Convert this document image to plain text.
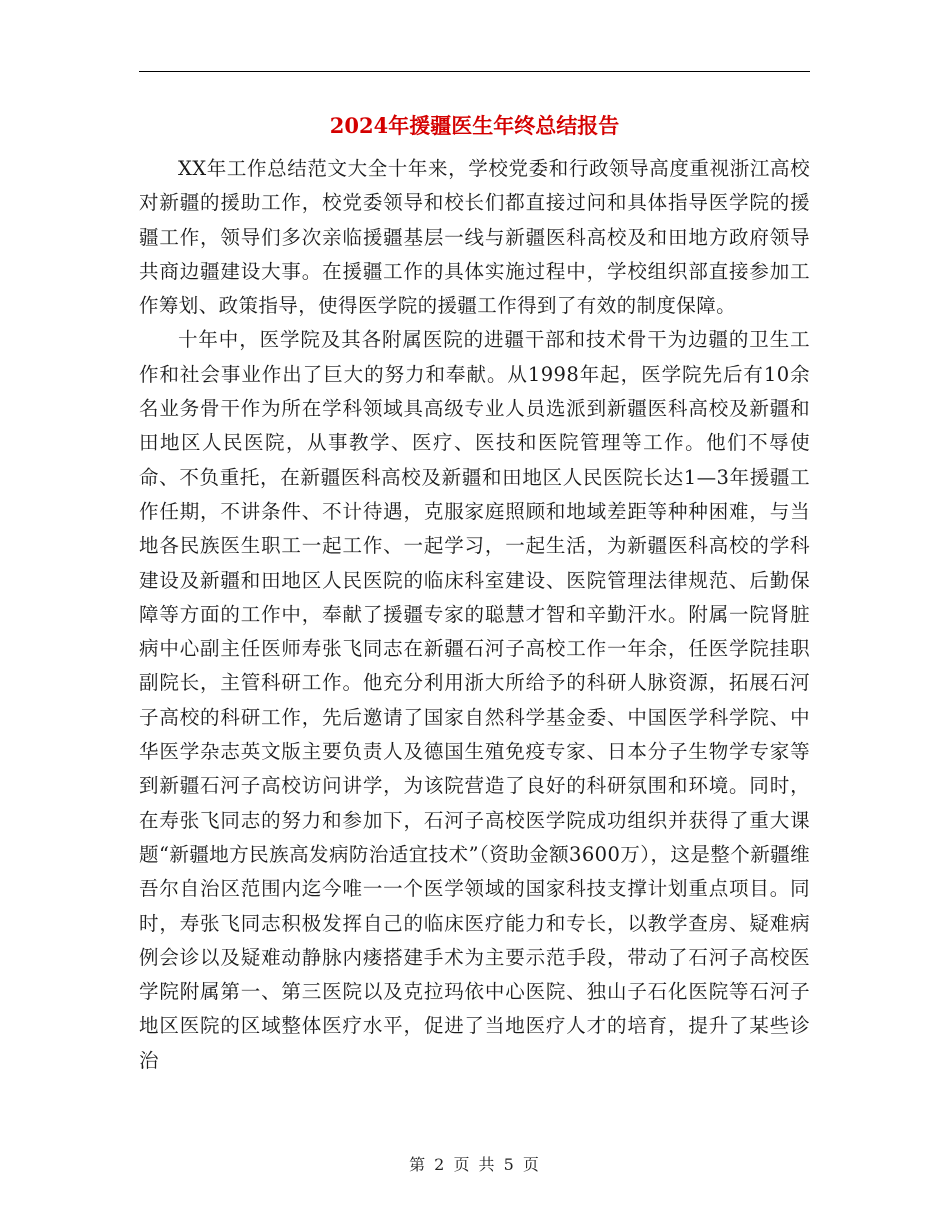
2024年援疆医生年终总结报告

XX年工作总结范文大全十年来，学校党委和行政领导高度重视浙江高校对新疆的援助工作，校党委领导和校长们都直接过问和具体指导医学院的援疆工作，领导们多次亲临援疆基层一线与新疆医科高校及和田地方政府领导共商边疆建设大事。在援疆工作的具体实施过程中，学校组织部直接参加工作筹划、政策指导，使得医学院的援疆工作得到了有效的制度保障。

十年中，医学院及其各附属医院的进疆干部和技术骨干为边疆的卫生工作和社会事业作出了巨大的努力和奉献。从1998年起，医学院先后有10余名业务骨干作为所在学科领域具高级专业人员选派到新疆医科高校及新疆和田地区人民医院，从事教学、医疗、医技和医院管理等工作。他们不辱使命、不负重托，在新疆医科高校及新疆和田地区人民医院长达1—3年援疆工作任期，不讲条件、不计待遇，克服家庭照顾和地域差距等种种困难，与当地各民族医生职工一起工作、一起学习，一起生活，为新疆医科高校的学科建设及新疆和田地区人民医院的临床科室建设、医院管理法律规范、后勤保障等方面的工作中，奉献了援疆专家的聪慧才智和辛勤汗水。附属一院肾脏病中心副主任医师寿张飞同志在新疆石河子高校工作一年余，任医学院挂职副院长，主管科研工作。他充分利用浙大所给予的科研人脉资源，拓展石河子高校的科研工作，先后邀请了国家自然科学基金委、中国医学科学院、中华医学杂志英文版主要负责人及德国生殖免疫专家、日本分子生物学专家等到新疆石河子高校访问讲学，为该院营造了良好的科研氛围和环境。同时，在寿张飞同志的努力和参加下，石河子高校医学院成功组织并获得了重大课题“新疆地方民族高发病防治适宜技术”（资助金额3600万），这是整个新疆维吾尔自治区范围内迄今唯一一个医学领域的国家科技支撑计划重点项目。同时，寿张飞同志积极发挥自己的临床医疗能力和专长，以教学查房、疑难病例会诊以及疑难动静脉内瘘搭建手术为主要示范手段，带动了石河子高校医学院附属第一、第三医院以及克拉玛依中心医院、独山子石化医院等石河子地区医院的区域整体医疗水平，促进了当地医疗人才的培育，提升了某些诊治

第 2 页 共 5 页
